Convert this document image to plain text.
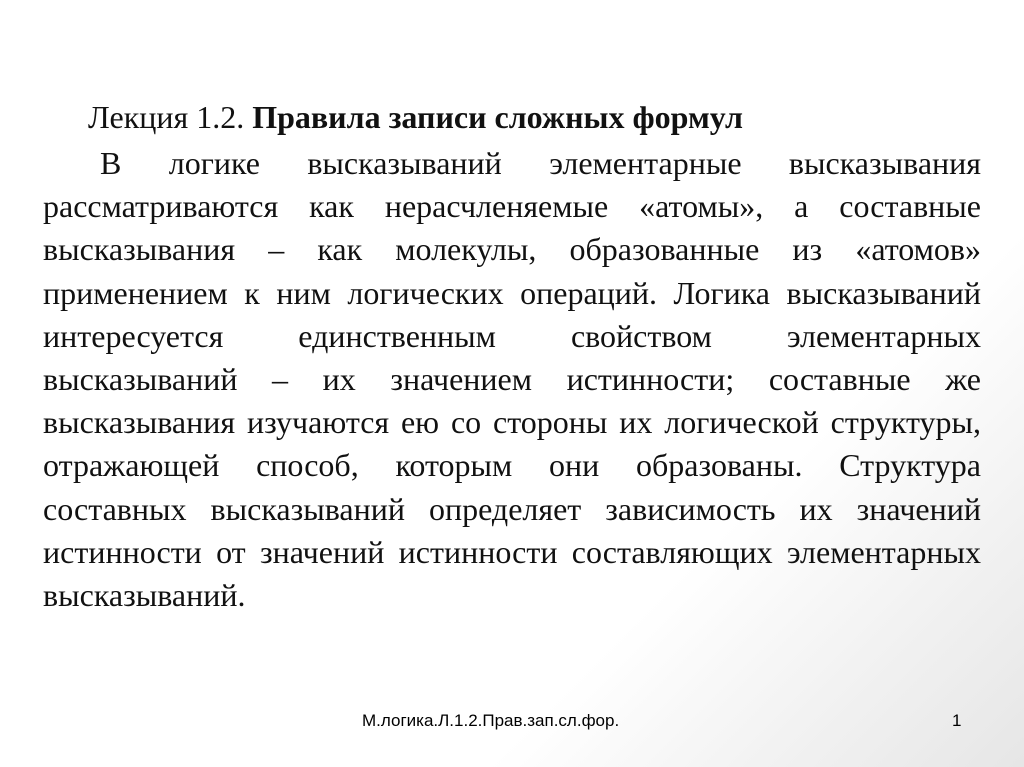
Лекция 1.2. Правила записи сложных формул

В логике высказываний элементарные высказывания рассматриваются как нерасчленяемые «атомы», а составные высказывания – как молекулы, образованные из «атомов» применением к ним логических операций. Логика высказываний интересуется единственным свойством элементарных высказываний – их значением истинности; составные же высказывания изучаются ею со стороны их логической структуры, отражающей способ, которым они образованы. Структура составных высказываний определяет зависимость их значений истинности от значений истинности составляющих элементарных высказываний.

М.логика.Л.1.2.Прав.зап.сл.фор.	1
